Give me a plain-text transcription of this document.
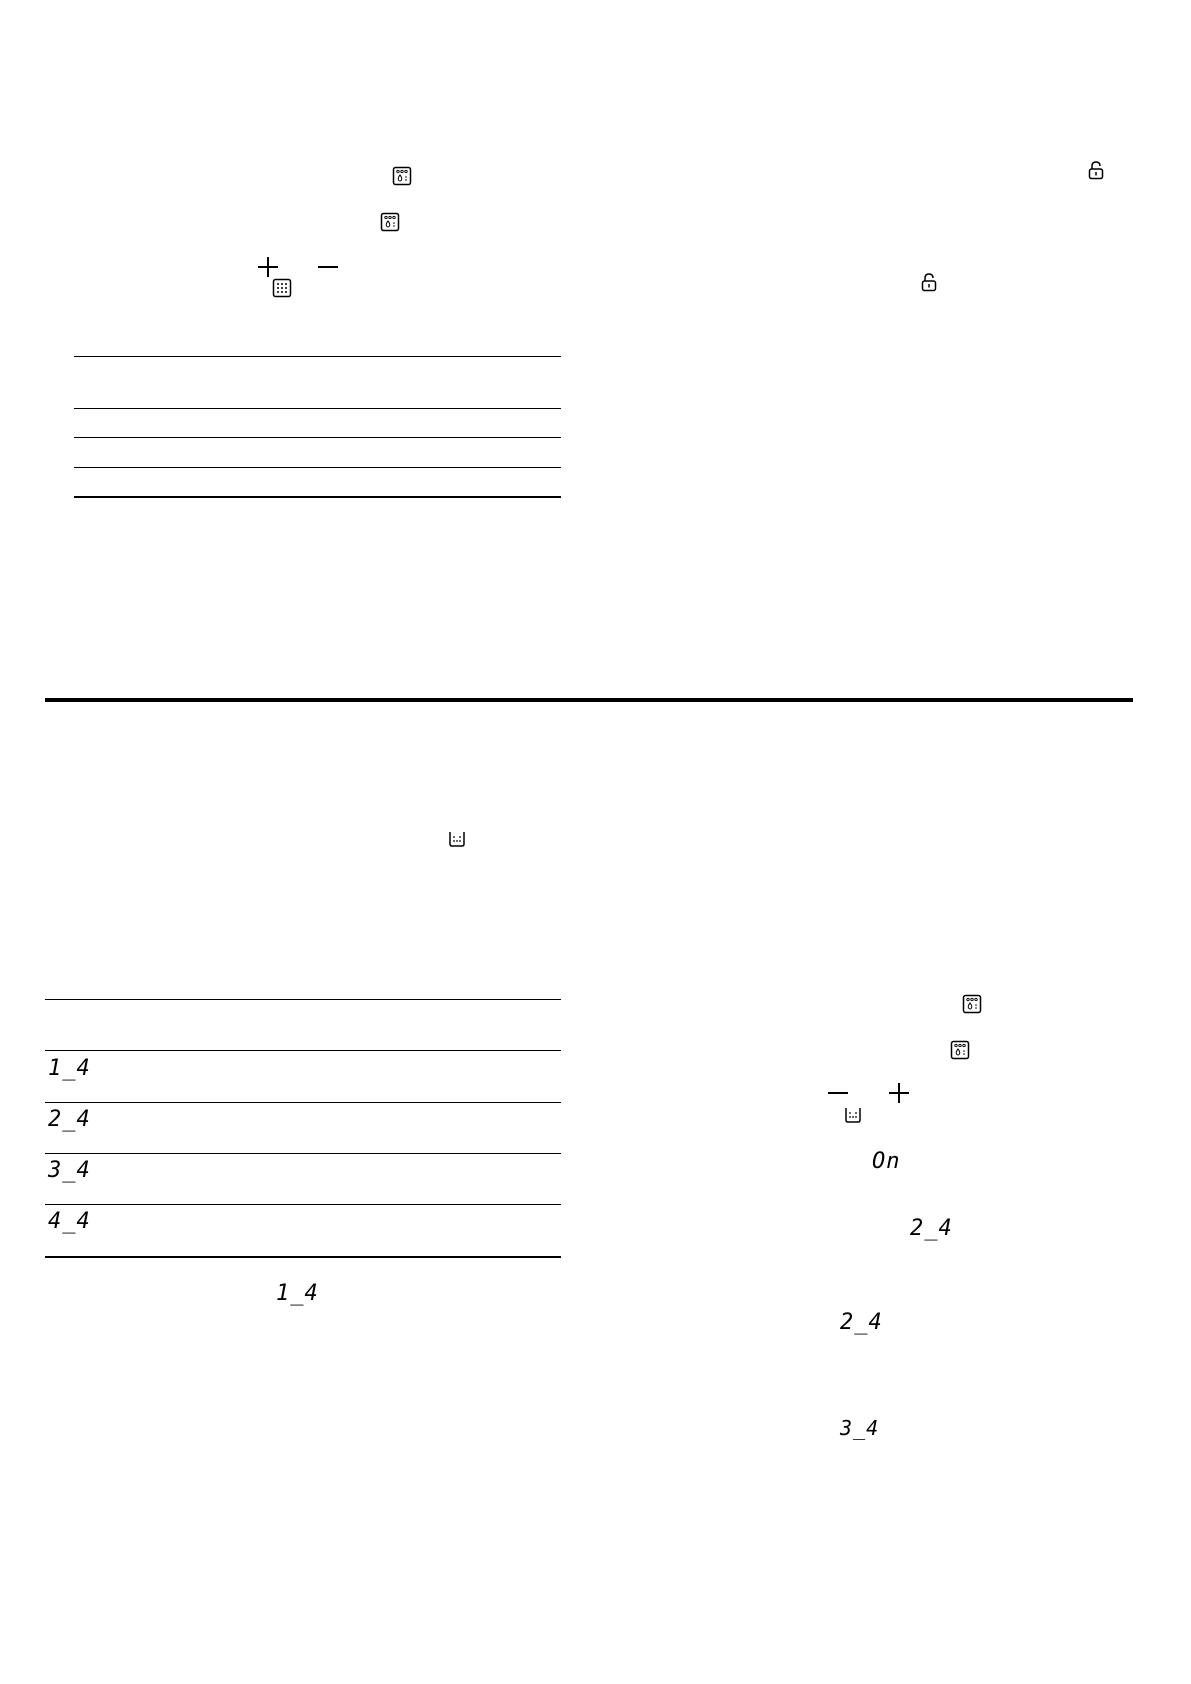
1_4
2_4
3_4
4_4
1_4
On
2_4
2_4
3_4
